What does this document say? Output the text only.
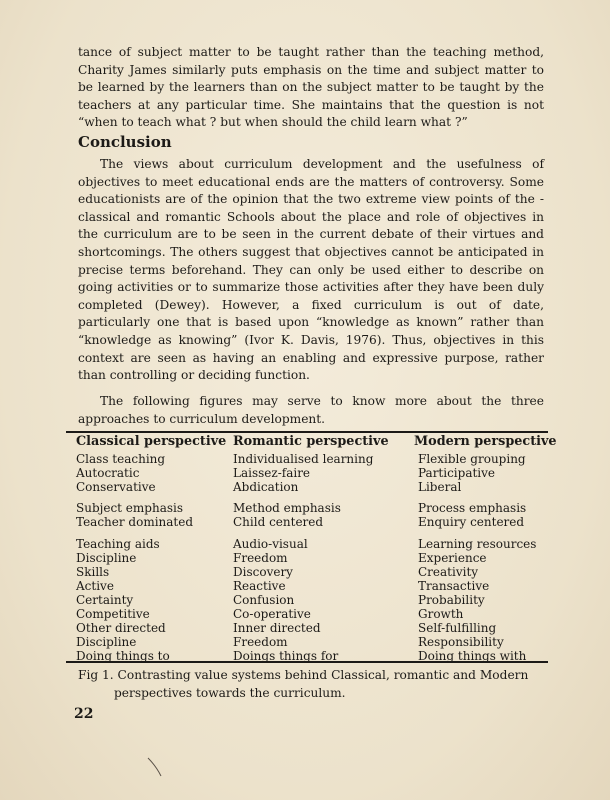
tance of subject matter to be taught rather than the teaching method, Charity James similarly puts emphasis on the time and subject matter to be learned by the learners than on the subject matter to be taught by the teachers at any particular time. She maintains that the question is not “when to teach what ? but when should the child learn what ?”
Conclusion
The views about curriculum development and the usefulness of objectives to meet educational ends are the matters of controversy. Some educationists are of the opinion that the two extreme view points of the - classical and romantic Schools about the place and role of objectives in the curriculum are to be seen in the current debate of their virtues and shortcomings. The others suggest that objectives cannot be anticipated in precise terms beforehand. They can only be used either to describe on going activities or to summarize those activities after they have been duly completed (Dewey). However, a fixed curriculum is out of date, particularly one that is based upon “knowledge as known” rather than “knowledge as knowing” (Ivor K. Davis, 1976). Thus, objectives in this context are seen as having an enabling and expressive purpose, rather than controlling or deciding function.
The following figures may serve to know more about the three approaches to curriculum development.
Classical perspective
Class teaching
Autocratic
Conservative
Subject emphasis
Teacher dominated
Teaching aids
Discipline
Skills
Active
Certainty
Competitive
Other directed
Discipline
Doing things to
Romantic perspective
Individualised learning
Laissez-faire
Abdication
Method emphasis
Child centered
Audio-visual
Freedom
Discovery
Reactive
Confusion
Co-operative
Inner directed
Freedom
Doings things for
Modern perspective
Flexible grouping
Participative
Liberal
Process emphasis
Enquiry centered
Learning resources
Experience
Creativity
Transactive
Probability
Growth
Self-fulfilling
Responsibility
Doing things with
Fig 1. Contrasting value systems behind Classical, romantic and Modern
perspectives towards the curriculum.
22
